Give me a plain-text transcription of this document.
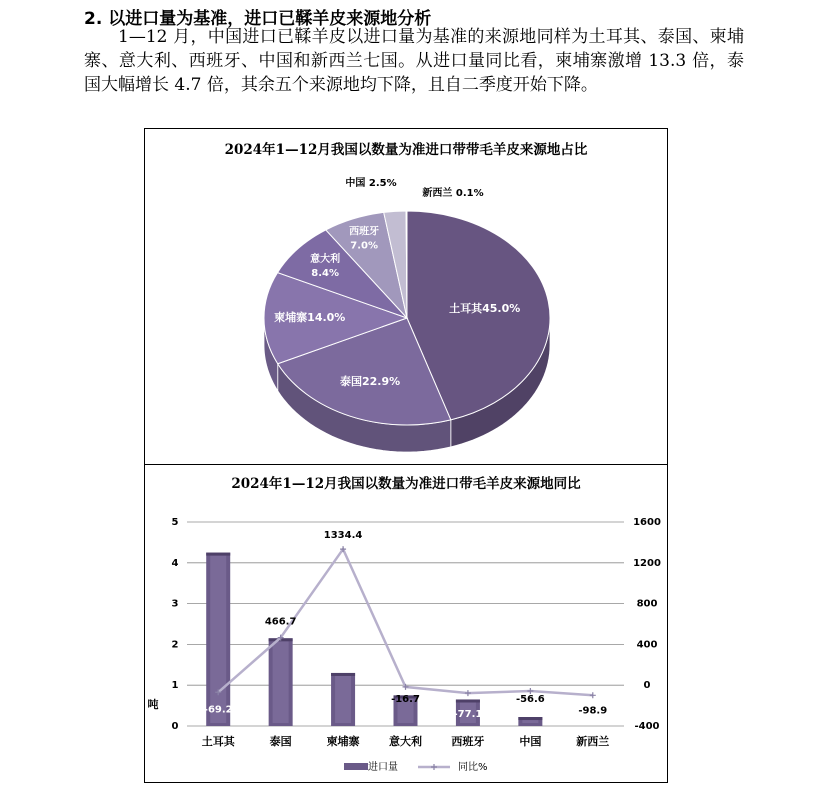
2. 以进口量为基准，进口已鞣羊皮来源地分析

1—12 月，中国进口已鞣羊皮以进口量为基准的来源地同样为土耳其、泰国、柬埔寨、意大利、西班牙、中国和新西兰七国。从进口量同比看，柬埔寨激增 13.3 倍，泰国大幅增长 4.7 倍，其余五个来源地均下降，且自二季度开始下降。

2024年1—12月我国以数量为准进口带带毛羊皮来源地占比
2024年1—12月我国以数量为准进口带毛羊皮来源地同比
土耳其45.0%
泰国22.9%
柬埔寨14.0%
意大利
8.4%
西班牙
7.0%
中国 2.5%
新西兰 0.1%
0
1
2
3
4
5
-400
0
400
800
1200
1600
吨	-69.2
466.7
1334.4
-16.7
-77.1
-56.6
-98.9
土耳其	泰国	柬埔寨	意大利	西班牙	中国	新西兰
进口量	同比%
